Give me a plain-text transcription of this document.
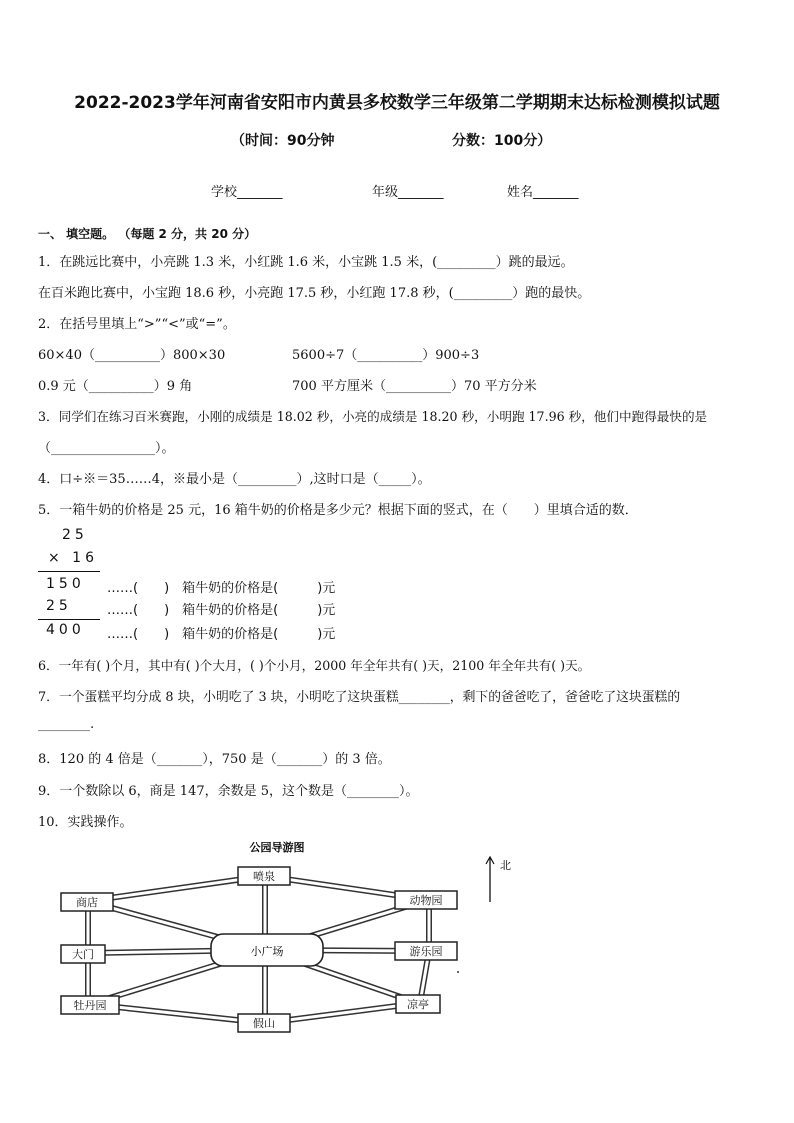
2022-2023学年河南省安阳市内黄县多校数学三年级第二学期期末达标检测模拟试题
（时间：90分钟	分数：100分）
学校_______	年级_______	姓名_______
一、 填空题。 （每题 2 分，共 20 分）
1．在跳远比赛中，小亮跳 1.3 米，小红跳 1.6 米，小宝跳 1.5 米，(_________）跳的最远。
在百米跑比赛中，小宝跑 18.6 秒，小亮跑 17.5 秒，小红跑 17.8 秒，(_________）跑的最快。
2．在括号里填上“>”“<”或“=”。
60×40（__________）800×30	5600÷7（__________）900÷3
0.9 元（__________）9 角	700 平方厘米（__________）70 平方分米
3．同学们在练习百米赛跑，小刚的成绩是 18.02 秒，小亮的成绩是 18.20 秒，小明跑 17.96 秒，他们中跑得最快的是
（________________）。
4．口÷※＝35……4，※最小是（_________）,这时口是（_____）。
5．一箱牛奶的价格是 25 元，16 箱牛奶的价格是多少元？根据下面的竖式，在（　　）里填合适的数．
25
× 16
150
25
400
……(　　)　箱牛奶的价格是(　　　)元
……(　　)　箱牛奶的价格是(　　　)元
……(　　)　箱牛奶的价格是(　　　)元
6．一年有( )个月，其中有( )个大月，( )个小月，2000 年全年共有( )天，2100 年全年共有( )天。
7．一个蛋糕平均分成 8 块，小明吃了 3 块，小明吃了这块蛋糕________，剩下的爸爸吃了，爸爸吃了这块蛋糕的
________.
8．120 的 4 倍是（_______），750 是（_______）的 3 倍。
9．一个数除以 6，商是 147，余数是 5，这个数是（________）。
10．实践操作。
公园导游图
小广场
喷泉
假山
商店
大门
牡丹园
动物园
游乐园
凉亭
北
